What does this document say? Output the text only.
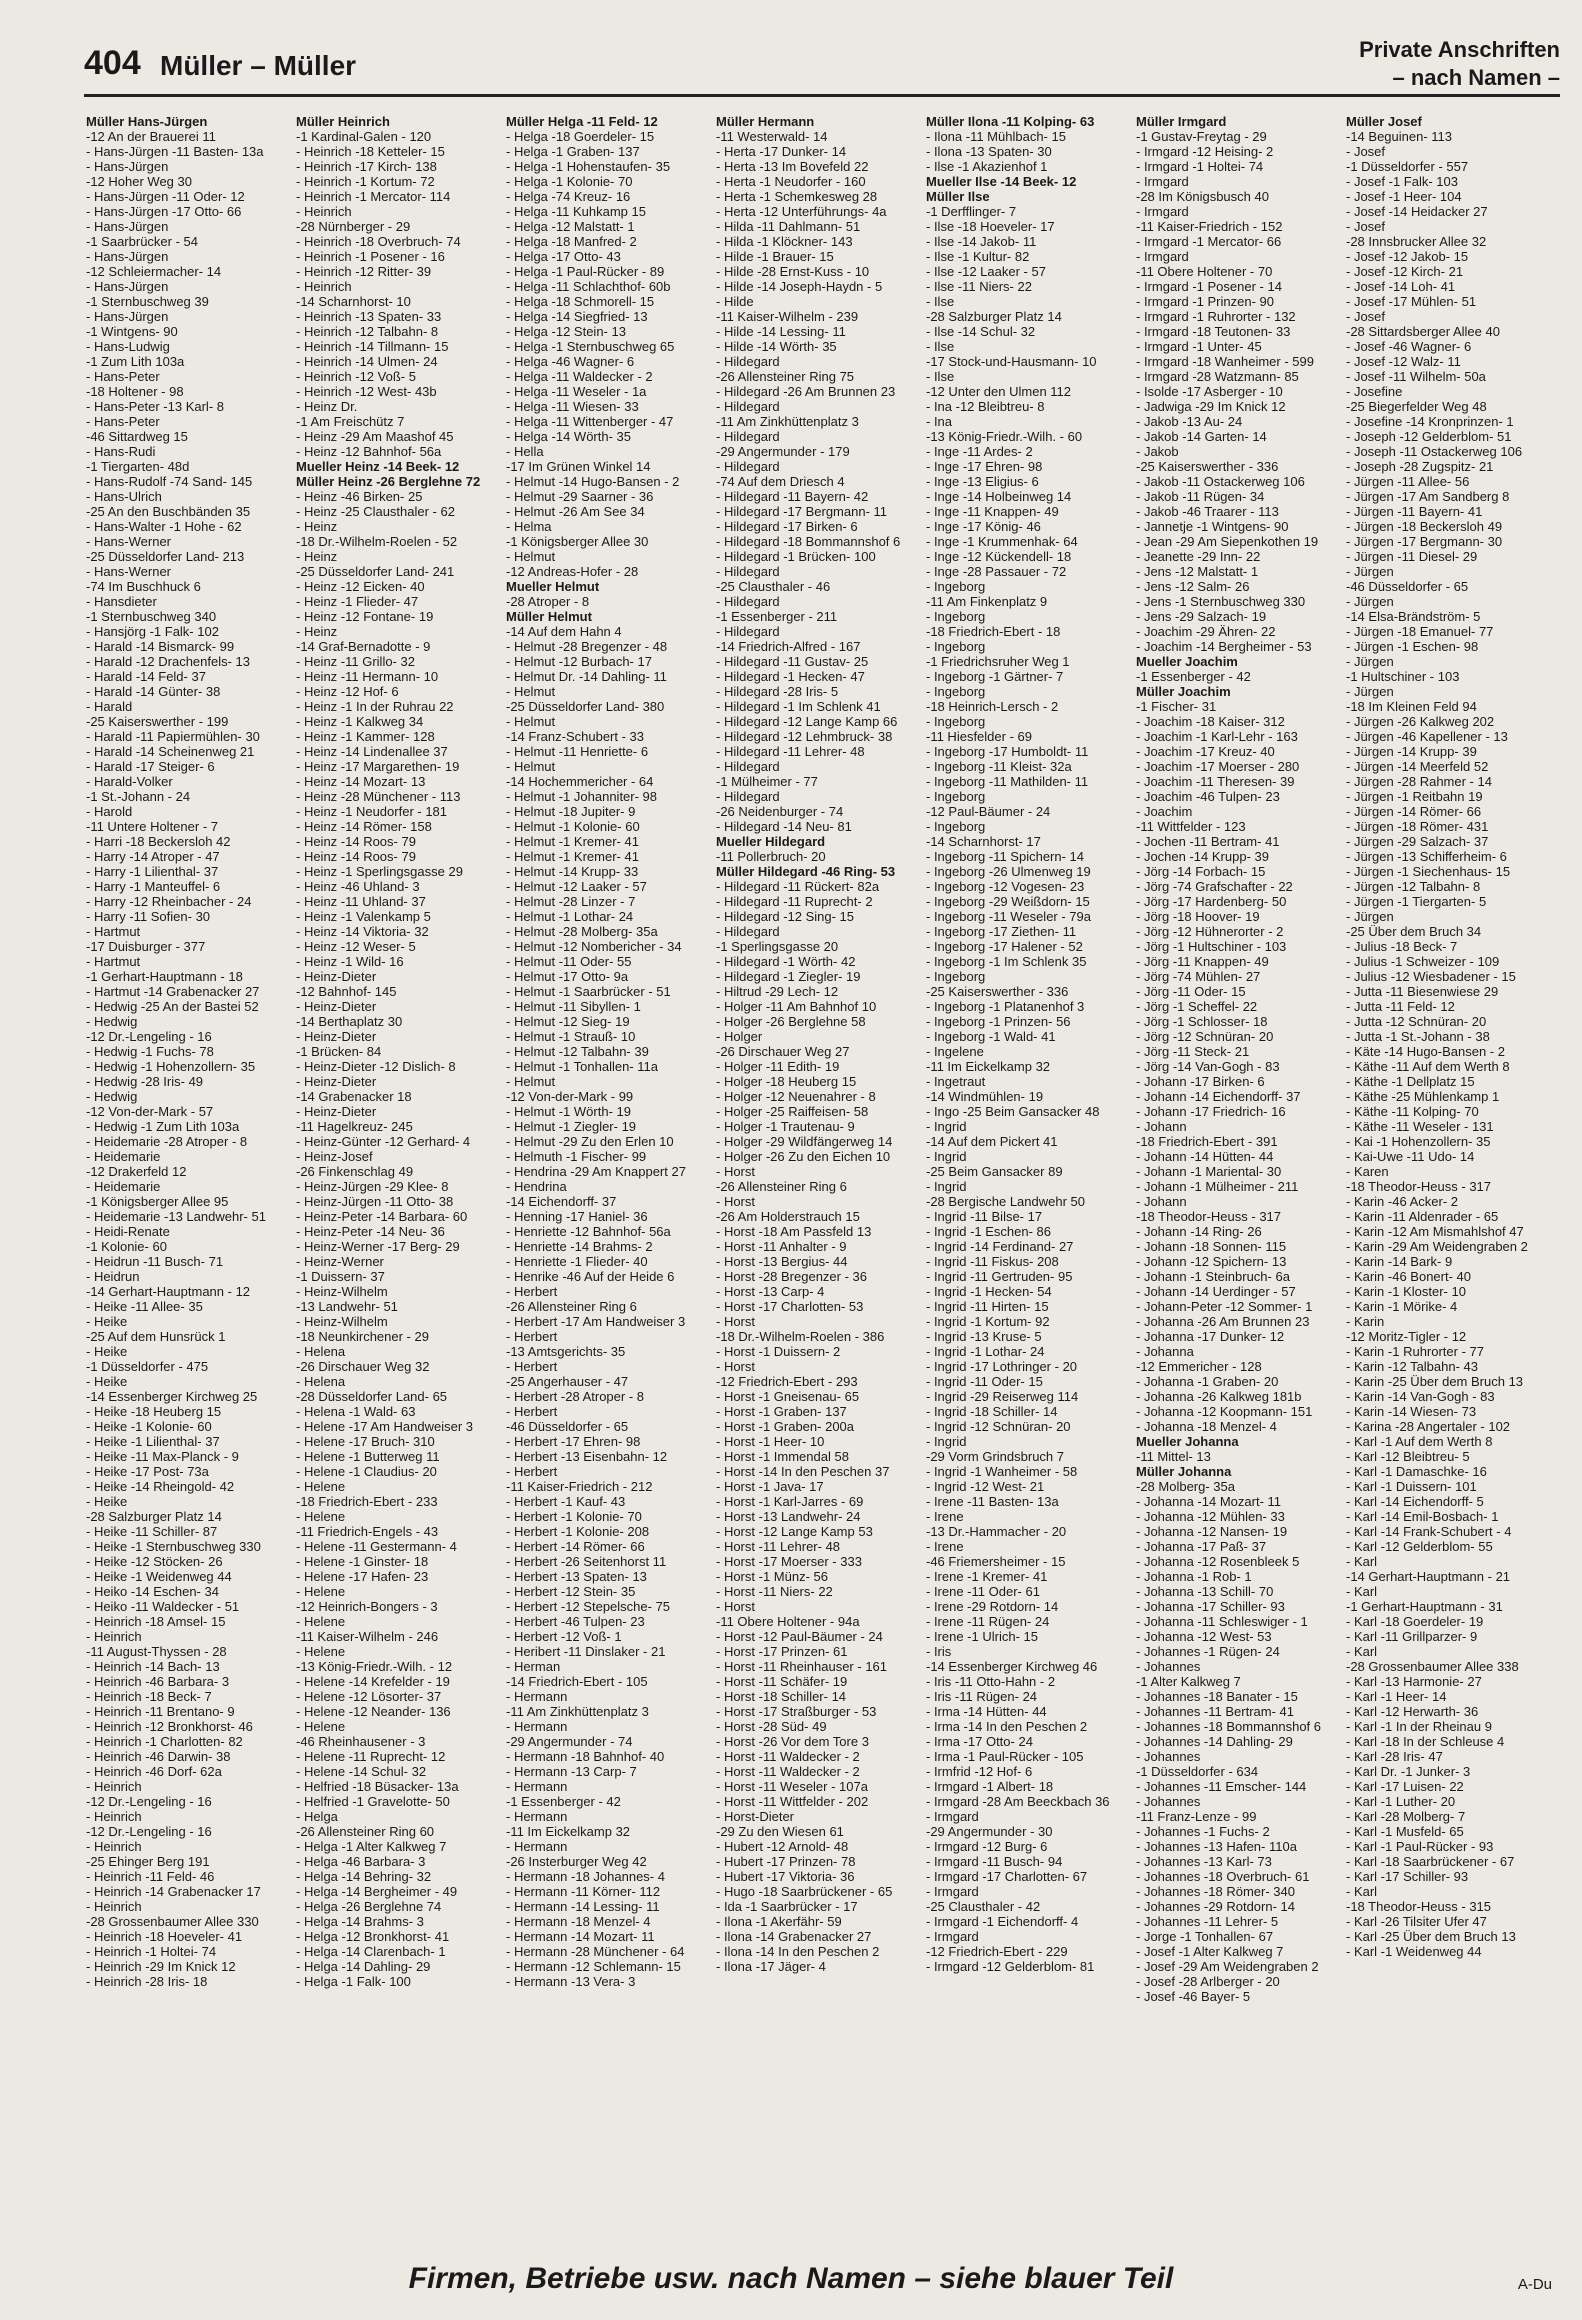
404 Müller – Müller
Private Anschriften
– nach Namen –
Müller Hans-Jürgen
-12 An der Brauerei 11
- Hans-Jürgen -11 Basten- 13a
- Hans-Jürgen
-12 Hoher Weg 30
- Hans-Jürgen -11 Oder- 12
- Hans-Jürgen -17 Otto- 66
- Hans-Jürgen
-1 Saarbrücker - 54
- Hans-Jürgen
-12 Schleiermacher- 14
- Hans-Jürgen
-1 Sternbuschweg 39
- Hans-Jürgen
-1 Wintgens- 90
- Hans-Ludwig
-1 Zum Lith 103a
- Hans-Peter
-18 Holtener - 98
- Hans-Peter -13 Karl- 8
- Hans-Peter
-46 Sittardweg 15
- Hans-Rudi
-1 Tiergarten- 48d
- Hans-Rudolf -74 Sand- 145
- Hans-Ulrich
-25 An den Buschbänden 35
- Hans-Walter -1 Hohe - 62
- Hans-Werner
-25 Düsseldorfer Land- 213
- Hans-Werner
-74 Im Buschhuck 6
- Hansdieter
-1 Sternbuschweg 340
- Hansjörg -1 Falk- 102
- Harald -14 Bismarck- 99
- Harald -12 Drachenfels- 13
- Harald -14 Feld- 37
- Harald -14 Günter- 38
- Harald
-25 Kaiserswerther - 199
- Harald -11 Papiermühlen- 30
- Harald -14 Scheinenweg 21
- Harald -17 Steiger- 6
- Harald-Volker
-1 St.-Johann - 24
- Harold
-11 Untere Holtener - 7
- Harri -18 Beckersloh 42
- Harry -14 Atroper - 47
- Harry -1 Lilienthal- 37
- Harry -1 Manteuffel- 6
- Harry -12 Rheinbacher - 24
- Harry -11 Sofien- 30
- Hartmut
-17 Duisburger - 377
- Hartmut
-1 Gerhart-Hauptmann - 18
- Hartmut -14 Grabenacker 27
- Hedwig -25 An der Bastei 52
- Hedwig
-12 Dr.-Lengeling - 16
- Hedwig -1 Fuchs- 78
- Hedwig -1 Hohenzollern- 35
- Hedwig -28 Iris- 49
- Hedwig
-12 Von-der-Mark - 57
- Hedwig -1 Zum Lith 103a
- Heidemarie -28 Atroper - 8
- Heidemarie
-12 Drakerfeld 12
- Heidemarie
-1 Königsberger Allee 95
- Heidemarie -13 Landwehr- 51
- Heidi-Renate
-1 Kolonie- 60
- Heidrun -11 Busch- 71
- Heidrun
-14 Gerhart-Hauptmann - 12
- Heike -11 Allee- 35
- Heike
-25 Auf dem Hunsrück 1
- Heike
-1 Düsseldorfer - 475
- Heike
-14 Essenberger Kirchweg 25
- Heike -18 Heuberg 15
- Heike -1 Kolonie- 60
- Heike -1 Lilienthal- 37
- Heike -11 Max-Planck - 9
- Heike -17 Post- 73a
- Heike -14 Rheingold- 42
- Heike
-28 Salzburger Platz 14
- Heike -11 Schiller- 87
- Heike -1 Sternbuschweg 330
- Heike -12 Stöcken- 26
- Heike -1 Weidenweg 44
- Heiko -14 Eschen- 34
- Heiko -11 Waldecker - 51
- Heinrich -18 Amsel- 15
- Heinrich
-11 August-Thyssen - 28
- Heinrich -14 Bach- 13
- Heinrich -46 Barbara- 3
- Heinrich -18 Beck- 7
- Heinrich -11 Brentano- 9
- Heinrich -12 Bronkhorst- 46
- Heinrich -1 Charlotten- 82
- Heinrich -46 Darwin- 38
- Heinrich -46 Dorf- 62a
- Heinrich
-12 Dr.-Lengeling - 16
- Heinrich
-12 Dr.-Lengeling - 16
- Heinrich
-25 Ehinger Berg 191
- Heinrich -11 Feld- 46
- Heinrich -14 Grabenacker 17
- Heinrich
-28 Grossenbaumer Allee 330
- Heinrich -18 Hoeveler- 41
- Heinrich -1 Holtei- 74
- Heinrich -29 Im Knick 12
- Heinrich -28 Iris- 18
Müller Heinrich
-1 Kardinal-Galen - 120
- Heinrich -18 Ketteler- 15
- Heinrich -17 Kirch- 138
- Heinrich -1 Kortum- 72
- Heinrich -1 Mercator- 114
- Heinrich
-28 Nürnberger - 29
- Heinrich -18 Overbruch- 74
- Heinrich -1 Posener - 16
- Heinrich -12 Ritter- 39
- Heinrich
-14 Scharnhorst- 10
- Heinrich -13 Spaten- 33
- Heinrich -12 Talbahn- 8
- Heinrich -14 Tillmann- 15
- Heinrich -14 Ulmen- 24
- Heinrich -12 Voß- 5
- Heinrich -12 West- 43b
- Heinz Dr.
-1 Am Freischütz 7
- Heinz -29 Am Maashof 45
- Heinz -12 Bahnhof- 56a
Mueller Heinz -14 Beek- 12
Müller Heinz -26 Berglehne 72
- Heinz -46 Birken- 25
- Heinz -25 Clausthaler - 62
- Heinz
-18 Dr.-Wilhelm-Roelen - 52
- Heinz
-25 Düsseldorfer Land- 241
- Heinz -12 Eicken- 40
- Heinz -1 Flieder- 47
- Heinz -12 Fontane- 19
- Heinz
-14 Graf-Bernadotte - 9
- Heinz -11 Grillo- 32
- Heinz -11 Hermann- 10
- Heinz -12 Hof- 6
- Heinz -1 In der Ruhrau 22
- Heinz -1 Kalkweg 34
- Heinz -1 Kammer- 128
- Heinz -14 Lindenallee 37
- Heinz -17 Margarethen- 19
- Heinz -14 Mozart- 13
- Heinz -28 Münchener - 113
- Heinz -1 Neudorfer - 181
- Heinz -14 Römer- 158
- Heinz -14 Roos- 79
- Heinz -14 Roos- 79
- Heinz -1 Sperlingsgasse 29
- Heinz -46 Uhland- 3
- Heinz -11 Uhland- 37
- Heinz -1 Valenkamp 5
- Heinz -14 Viktoria- 32
- Heinz -12 Weser- 5
- Heinz -1 Wild- 16
- Heinz-Dieter
-12 Bahnhof- 145
- Heinz-Dieter
-14 Berthaplatz 30
- Heinz-Dieter
-1 Brücken- 84
- Heinz-Dieter -12 Dislich- 8
- Heinz-Dieter
-14 Grabenacker 18
- Heinz-Dieter
-11 Hagelkreuz- 245
- Heinz-Günter -12 Gerhard- 4
- Heinz-Josef
-26 Finkenschlag 49
- Heinz-Jürgen -29 Klee- 8
- Heinz-Jürgen -11 Otto- 38
- Heinz-Peter -14 Barbara- 60
- Heinz-Peter -14 Neu- 36
- Heinz-Werner -17 Berg- 29
- Heinz-Werner
-1 Duissern- 37
- Heinz-Wilhelm
-13 Landwehr- 51
- Heinz-Wilhelm
-18 Neunkirchener - 29
- Helena
-26 Dirschauer Weg 32
- Helena
-28 Düsseldorfer Land- 65
- Helena -1 Wald- 63
- Helene -17 Am Handweiser 3
- Helene -17 Bruch- 310
- Helene -1 Butterweg 11
- Helene -1 Claudius- 20
- Helene
-18 Friedrich-Ebert - 233
- Helene
-11 Friedrich-Engels - 43
- Helene -11 Gestermann- 4
- Helene -1 Ginster- 18
- Helene -17 Hafen- 23
- Helene
-12 Heinrich-Bongers - 3
- Helene
-11 Kaiser-Wilhelm - 246
- Helene
-13 König-Friedr.-Wilh. - 12
- Helene -14 Krefelder - 19
- Helene -12 Lösorter- 37
- Helene -12 Neander- 136
- Helene
-46 Rheinhausener - 3
- Helene -11 Ruprecht- 12
- Helene -14 Schul- 32
- Helfried -18 Büsacker- 13a
- Helfried -1 Gravelotte- 50
- Helga
-26 Allensteiner Ring 60
- Helga -1 Alter Kalkweg 7
- Helga -46 Barbara- 3
- Helga -14 Behring- 32
- Helga -14 Bergheimer - 49
- Helga -26 Berglehne 74
- Helga -14 Brahms- 3
- Helga -12 Bronkhorst- 41
- Helga -14 Clarenbach- 1
- Helga -14 Dahling- 29
- Helga -1 Falk- 100
Müller Helga -11 Feld- 12
- Helga -18 Goerdeler- 15
- Helga -1 Graben- 137
- Helga -1 Hohenstaufen- 35
- Helga -1 Kolonie- 70
- Helga -74 Kreuz- 16
- Helga -11 Kuhkamp 15
- Helga -12 Malstatt- 1
- Helga -18 Manfred- 2
- Helga -17 Otto- 43
- Helga -1 Paul-Rücker - 89
- Helga -11 Schlachthof- 60b
- Helga -18 Schmorell- 15
- Helga -14 Siegfried- 13
- Helga -12 Stein- 13
- Helga -1 Sternbuschweg 65
- Helga -46 Wagner- 6
- Helga -11 Waldecker - 2
- Helga -11 Weseler - 1a
- Helga -11 Wiesen- 33
- Helga -11 Wittenberger - 47
- Helga -14 Wörth- 35
- Hella
-17 Im Grünen Winkel 14
- Helmut -14 Hugo-Bansen - 2
- Helmut -29 Saarner - 36
- Helmut -26 Am See 34
- Helma
-1 Königsberger Allee 30
- Helmut
-12 Andreas-Hofer - 28
Mueller Helmut
-28 Atroper - 8
Müller Helmut
-14 Auf dem Hahn 4
- Helmut -28 Bregenzer - 48
- Helmut -12 Burbach- 17
- Helmut Dr. -14 Dahling- 11
- Helmut
-25 Düsseldorfer Land- 380
- Helmut
-14 Franz-Schubert - 33
- Helmut -11 Henriette- 6
- Helmut
-14 Hochemmericher - 64
- Helmut -1 Johanniter- 98
- Helmut -18 Jupiter- 9
- Helmut -1 Kolonie- 60
- Helmut -1 Kremer- 41
- Helmut -1 Kremer- 41
- Helmut -14 Krupp- 33
- Helmut -12 Laaker - 57
- Helmut -28 Linzer - 7
- Helmut -1 Lothar- 24
- Helmut -28 Molberg- 35a
- Helmut -12 Nombericher - 34
- Helmut -11 Oder- 55
- Helmut -17 Otto- 9a
- Helmut -1 Saarbrücker - 51
- Helmut -11 Sibyllen- 1
- Helmut -12 Sieg- 19
- Helmut -1 Strauß- 10
- Helmut -12 Talbahn- 39
- Helmut -1 Tonhallen- 11a
- Helmut
-12 Von-der-Mark - 99
- Helmut -1 Wörth- 19
- Helmut -1 Ziegler- 19
- Helmut -29 Zu den Erlen 10
- Helmuth -1 Fischer- 99
- Hendrina -29 Am Knappert 27
- Hendrina
-14 Eichendorff- 37
- Henning -17 Haniel- 36
- Henriette -12 Bahnhof- 56a
- Henriette -14 Brahms- 2
- Henriette -1 Flieder- 40
- Henrike -46 Auf der Heide 6
- Herbert
-26 Allensteiner Ring 6
- Herbert -17 Am Handweiser 3
- Herbert
-13 Amtsgerichts- 35
- Herbert
-25 Angerhauser - 47
- Herbert -28 Atroper - 8
- Herbert
-46 Düsseldorfer - 65
- Herbert -17 Ehren- 98
- Herbert -13 Eisenbahn- 12
- Herbert
-11 Kaiser-Friedrich - 212
- Herbert -1 Kauf- 43
- Herbert -1 Kolonie- 70
- Herbert -1 Kolonie- 208
- Herbert -14 Römer- 66
- Herbert -26 Seitenhorst 11
- Herbert -13 Spaten- 13
- Herbert -12 Stein- 35
- Herbert -12 Stepelsche- 75
- Herbert -46 Tulpen- 23
- Herbert -12 Voß- 1
- Heribert -11 Dinslaker - 21
- Herman
-14 Friedrich-Ebert - 105
- Hermann
-11 Am Zinkhüttenplatz 3
- Hermann
-29 Angermunder - 74
- Hermann -18 Bahnhof- 40
- Hermann -13 Carp- 7
- Hermann
-1 Essenberger - 42
- Hermann
-11 Im Eickelkamp 32
- Hermann
-26 Insterburger Weg 42
- Hermann -18 Johannes- 4
- Hermann -11 Körner- 112
- Hermann -14 Lessing- 11
- Hermann -18 Menzel- 4
- Hermann -14 Mozart- 11
- Hermann -28 Münchener - 64
- Hermann -12 Schlemann- 15
- Hermann -13 Vera- 3
Müller Hermann
-11 Westerwald- 14
- Herta -17 Dunker- 14
- Herta -13 Im Bovefeld 22
- Herta -1 Neudorfer - 160
- Herta -1 Schemkesweg 28
- Herta -12 Unterführungs- 4a
- Hilda -11 Dahlmann- 51
- Hilda -1 Klöckner- 143
- Hilde -1 Brauer- 15
- Hilde -28 Ernst-Kuss - 10
- Hilde -14 Joseph-Haydn - 5
- Hilde
-11 Kaiser-Wilhelm - 239
- Hilde -14 Lessing- 11
- Hilde -14 Wörth- 35
- Hildegard
-26 Allensteiner Ring 75
- Hildegard -26 Am Brunnen 23
- Hildegard
-11 Am Zinkhüttenplatz 3
- Hildegard
-29 Angermunder - 179
- Hildegard
-74 Auf dem Driesch 4
- Hildegard -11 Bayern- 42
- Hildegard -17 Bergmann- 11
- Hildegard -17 Birken- 6
- Hildegard -18 Bommannshof 6
- Hildegard -1 Brücken- 100
- Hildegard
-25 Clausthaler - 46
- Hildegard
-1 Essenberger - 211
- Hildegard
-14 Friedrich-Alfred - 167
- Hildegard -11 Gustav- 25
- Hildegard -1 Hecken- 47
- Hildegard -28 Iris- 5
- Hildegard -1 Im Schlenk 41
- Hildegard -12 Lange Kamp 66
- Hildegard -12 Lehmbruck- 38
- Hildegard -11 Lehrer- 48
- Hildegard
-1 Mülheimer - 77
- Hildegard
-26 Neidenburger - 74
- Hildegard -14 Neu- 81
Mueller Hildegard
-11 Pollerbruch- 20
Müller Hildegard -46 Ring- 53
- Hildegard -11 Rückert- 82a
- Hildegard -11 Ruprecht- 2
- Hildegard -12 Sing- 15
- Hildegard
-1 Sperlingsgasse 20
- Hildegard -1 Wörth- 42
- Hildegard -1 Ziegler- 19
- Hiltrud -29 Lech- 12
- Holger -11 Am Bahnhof 10
- Holger -26 Berglehne 58
- Holger
-26 Dirschauer Weg 27
- Holger -11 Edith- 19
- Holger -18 Heuberg 15
- Holger -12 Neuenahrer - 8
- Holger -25 Raiffeisen- 58
- Holger -1 Trautenau- 9
- Holger -29 Wildfängerweg 14
- Holger -26 Zu den Eichen 10
- Horst
-26 Allensteiner Ring 6
- Horst
-26 Am Holderstrauch 15
- Horst -18 Am Passfeld 13
- Horst -11 Anhalter - 9
- Horst -13 Bergius- 44
- Horst -28 Bregenzer - 36
- Horst -13 Carp- 4
- Horst -17 Charlotten- 53
- Horst
-18 Dr.-Wilhelm-Roelen - 386
- Horst -1 Duissern- 2
- Horst
-12 Friedrich-Ebert - 293
- Horst -1 Gneisenau- 65
- Horst -1 Graben- 137
- Horst -1 Graben- 200a
- Horst -1 Heer- 10
- Horst -1 Immendal 58
- Horst -14 In den Peschen 37
- Horst -1 Java- 17
- Horst -1 Karl-Jarres - 69
- Horst -13 Landwehr- 24
- Horst -12 Lange Kamp 53
- Horst -11 Lehrer- 48
- Horst -17 Moerser - 333
- Horst -1 Münz- 56
- Horst -11 Niers- 22
- Horst
-11 Obere Holtener - 94a
- Horst -12 Paul-Bäumer - 24
- Horst -17 Prinzen- 61
- Horst -11 Rheinhauser - 161
- Horst -11 Schäfer- 19
- Horst -18 Schiller- 14
- Horst -17 Straßburger - 53
- Horst -28 Süd- 49
- Horst -26 Vor dem Tore 3
- Horst -11 Waldecker - 2
- Horst -11 Waldecker - 2
- Horst -11 Weseler - 107a
- Horst -11 Wittfelder - 202
- Horst-Dieter
-29 Zu den Wiesen 61
- Hubert -12 Arnold- 48
- Hubert -17 Prinzen- 78
- Hubert -17 Viktoria- 36
- Hugo -18 Saarbrückener - 65
- Ida -1 Saarbrücker - 17
- Ilona -1 Akerfähr- 59
- Ilona -14 Grabenacker 27
- Ilona -14 In den Peschen 2
- Ilona -17 Jäger- 4
Müller Ilona -11 Kolping- 63
- Ilona -11 Mühlbach- 15
- Ilona -13 Spaten- 30
- Ilse -1 Akazienhof 1
Mueller Ilse -14 Beek- 12
Müller Ilse
-1 Derfflinger- 7
- Ilse -18 Hoeveler- 17
- Ilse -14 Jakob- 11
- Ilse -1 Kultur- 82
- Ilse -12 Laaker - 57
- Ilse -11 Niers- 22
- Ilse
-28 Salzburger Platz 14
- Ilse -14 Schul- 32
- Ilse
-17 Stock-und-Hausmann- 10
- Ilse
-12 Unter den Ulmen 112
- Ina -12 Bleibtreu- 8
- Ina
-13 König-Friedr.-Wilh. - 60
- Inge -11 Ardes- 2
- Inge -17 Ehren- 98
- Inge -13 Eligius- 6
- Inge -14 Holbeinweg 14
- Inge -11 Knappen- 49
- Inge -17 König- 46
- Inge -1 Krummenhak- 64
- Inge -12 Kückendell- 18
- Inge -28 Passauer - 72
- Ingeborg
-11 Am Finkenplatz 9
- Ingeborg
-18 Friedrich-Ebert - 18
- Ingeborg
-1 Friedrichsruher Weg 1
- Ingeborg -1 Gärtner- 7
- Ingeborg
-18 Heinrich-Lersch - 2
- Ingeborg
-11 Hiesfelder - 69
- Ingeborg -17 Humboldt- 11
- Ingeborg -11 Kleist- 32a
- Ingeborg -11 Mathilden- 11
- Ingeborg
-12 Paul-Bäumer - 24
- Ingeborg
-14 Scharnhorst- 17
- Ingeborg -11 Spichern- 14
- Ingeborg -26 Ulmenweg 19
- Ingeborg -12 Vogesen- 23
- Ingeborg -29 Weißdorn- 15
- Ingeborg -11 Weseler - 79a
- Ingeborg -17 Ziethen- 11
- Ingeborg -17 Halener - 52
- Ingeborg -1 Im Schlenk 35
- Ingeborg
-25 Kaiserswerther - 336
- Ingeborg -1 Platanenhof 3
- Ingeborg -1 Prinzen- 56
- Ingeborg -1 Wald- 41
- Ingelene
-11 Im Eickelkamp 32
- Ingetraut
-14 Windmühlen- 19
- Ingo -25 Beim Gansacker 48
- Ingrid
-14 Auf dem Pickert 41
- Ingrid
-25 Beim Gansacker 89
- Ingrid
-28 Bergische Landwehr 50
- Ingrid -11 Bilse- 17
- Ingrid -1 Eschen- 86
- Ingrid -14 Ferdinand- 27
- Ingrid -11 Fiskus- 208
- Ingrid -11 Gertruden- 95
- Ingrid -1 Hecken- 54
- Ingrid -11 Hirten- 15
- Ingrid -1 Kortum- 92
- Ingrid -13 Kruse- 5
- Ingrid -1 Lothar- 24
- Ingrid -17 Lothringer - 20
- Ingrid -11 Oder- 15
- Ingrid -29 Reiserweg 114
- Ingrid -18 Schiller- 14
- Ingrid -12 Schnüran- 20
- Ingrid
-29 Vorm Grindsbruch 7
- Ingrid -1 Wanheimer - 58
- Ingrid -12 West- 21
- Irene -11 Basten- 13a
- Irene
-13 Dr.-Hammacher - 20
- Irene
-46 Friemersheimer - 15
- Irene -1 Kremer- 41
- Irene -11 Oder- 61
- Irene -29 Rotdorn- 14
- Irene -11 Rügen- 24
- Irene -1 Ulrich- 15
- Iris
-14 Essenberger Kirchweg 46
- Iris -11 Otto-Hahn - 2
- Iris -11 Rügen- 24
- Irma -14 Hütten- 44
- Irma -14 In den Peschen 2
- Irma -17 Otto- 24
- Irma -1 Paul-Rücker - 105
- Irmfrid -12 Hof- 6
- Irmgard -1 Albert- 18
- Irmgard -28 Am Beeckbach 36
- Irmgard
-29 Angermunder - 30
- Irmgard -12 Burg- 6
- Irmgard -11 Busch- 94
- Irmgard -17 Charlotten- 67
- Irmgard
-25 Clausthaler - 42
- Irmgard -1 Eichendorff- 4
- Irmgard
-12 Friedrich-Ebert - 229
- Irmgard -12 Gelderblom- 81
Müller Irmgard
-1 Gustav-Freytag - 29
- Irmgard -12 Heising- 2
- Irmgard -1 Holtei- 74
- Irmgard
-28 Im Königsbusch 40
- Irmgard
-11 Kaiser-Friedrich - 152
- Irmgard -1 Mercator- 66
- Irmgard
-11 Obere Holtener - 70
- Irmgard -1 Posener - 14
- Irmgard -1 Prinzen- 90
- Irmgard -1 Ruhrorter - 132
- Irmgard -18 Teutonen- 33
- Irmgard -1 Unter- 45
- Irmgard -18 Wanheimer - 599
- Irmgard -28 Watzmann- 85
- Isolde -17 Asberger - 10
- Jadwiga -29 Im Knick 12
- Jakob -13 Au- 24
- Jakob -14 Garten- 14
- Jakob
-25 Kaiserswerther - 336
- Jakob -11 Ostackerweg 106
- Jakob -11 Rügen- 34
- Jakob -46 Traarer - 113
- Jannetje -1 Wintgens- 90
- Jean -29 Am Siepenkothen 19
- Jeanette -29 Inn- 22
- Jens -12 Malstatt- 1
- Jens -12 Salm- 26
- Jens -1 Sternbuschweg 330
- Jens -29 Salzach- 19
- Joachim -29 Ähren- 22
- Joachim -14 Bergheimer - 53
Mueller Joachim
-1 Essenberger - 42
Müller Joachim
-1 Fischer- 31
- Joachim -18 Kaiser- 312
- Joachim -1 Karl-Lehr - 163
- Joachim -17 Kreuz- 40
- Joachim -17 Moerser - 280
- Joachim -11 Theresen- 39
- Joachim -46 Tulpen- 23
- Joachim
-11 Wittfelder - 123
- Jochen -11 Bertram- 41
- Jochen -14 Krupp- 39
- Jörg -14 Forbach- 15
- Jörg -74 Grafschafter - 22
- Jörg -17 Hardenberg- 50
- Jörg -18 Hoover- 19
- Jörg -12 Hühnerorter - 2
- Jörg -1 Hultschiner - 103
- Jörg -11 Knappen- 49
- Jörg -74 Mühlen- 27
- Jörg -11 Oder- 15
- Jörg -1 Scheffel- 22
- Jörg -1 Schlosser- 18
- Jörg -12 Schnüran- 20
- Jörg -11 Steck- 21
- Jörg -14 Van-Gogh - 83
- Johann -17 Birken- 6
- Johann -14 Eichendorff- 37
- Johann -17 Friedrich- 16
- Johann
-18 Friedrich-Ebert - 391
- Johann -14 Hütten- 44
- Johann -1 Mariental- 30
- Johann -1 Mülheimer - 211
- Johann
-18 Theodor-Heuss - 317
- Johann -14 Ring- 26
- Johann -18 Sonnen- 115
- Johann -12 Spichern- 13
- Johann -1 Steinbruch- 6a
- Johann -14 Uerdinger - 57
- Johann-Peter -12 Sommer- 1
- Johanna -26 Am Brunnen 23
- Johanna -17 Dunker- 12
- Johanna
-12 Emmericher - 128
- Johanna -1 Graben- 20
- Johanna -26 Kalkweg 181b
- Johanna -12 Koopmann- 151
- Johanna -18 Menzel- 4
Mueller Johanna
-11 Mittel- 13
Müller Johanna
-28 Molberg- 35a
- Johanna -14 Mozart- 11
- Johanna -12 Mühlen- 33
- Johanna -12 Nansen- 19
- Johanna -17 Paß- 37
- Johanna -12 Rosenbleek 5
- Johanna -1 Rob- 1
- Johanna -13 Schill- 70
- Johanna -17 Schiller- 93
- Johanna -11 Schleswiger - 1
- Johanna -12 West- 53
- Johannes -1 Rügen- 24
- Johannes
-1 Alter Kalkweg 7
- Johannes -18 Banater - 15
- Johannes -11 Bertram- 41
- Johannes -18 Bommannshof 6
- Johannes -14 Dahling- 29
- Johannes
-1 Düsseldorfer - 634
- Johannes -11 Emscher- 144
- Johannes
-11 Franz-Lenze - 99
- Johannes -1 Fuchs- 2
- Johannes -13 Hafen- 110a
- Johannes -13 Karl- 73
- Johannes -18 Overbruch- 61
- Johannes -18 Römer- 340
- Johannes -29 Rotdorn- 14
- Johannes -11 Lehrer- 5
- Jorge -1 Tonhallen- 67
- Josef -1 Alter Kalkweg 7
- Josef -29 Am Weidengraben 2
- Josef -28 Arlberger - 20
- Josef -46 Bayer- 5
Müller Josef
-14 Beguinen- 113
- Josef
-1 Düsseldorfer - 557
- Josef -1 Falk- 103
- Josef -1 Heer- 104
- Josef -14 Heidacker 27
- Josef
-28 Innsbrucker Allee 32
- Josef -12 Jakob- 15
- Josef -12 Kirch- 21
- Josef -14 Loh- 41
- Josef -17 Mühlen- 51
- Josef
-28 Sittardsberger Allee 40
- Josef -46 Wagner- 6
- Josef -12 Walz- 11
- Josef -11 Wilhelm- 50a
- Josefine
-25 Biegerfelder Weg 48
- Josefine -14 Kronprinzen- 1
- Joseph -12 Gelderblom- 51
- Joseph -11 Ostackerweg 106
- Joseph -28 Zugspitz- 21
- Jürgen -11 Allee- 56
- Jürgen -17 Am Sandberg 8
- Jürgen -11 Bayern- 41
- Jürgen -18 Beckersloh 49
- Jürgen -17 Bergmann- 30
- Jürgen -11 Diesel- 29
- Jürgen
-46 Düsseldorfer - 65
- Jürgen
-14 Elsa-Brändström- 5
- Jürgen -18 Emanuel- 77
- Jürgen -1 Eschen- 98
- Jürgen
-1 Hultschiner - 103
- Jürgen
-18 Im Kleinen Feld 94
- Jürgen -26 Kalkweg 202
- Jürgen -46 Kapellener - 13
- Jürgen -14 Krupp- 39
- Jürgen -14 Meerfeld 52
- Jürgen -28 Rahmer - 14
- Jürgen -1 Reitbahn 19
- Jürgen -14 Römer- 66
- Jürgen -18 Römer- 431
- Jürgen -29 Salzach- 37
- Jürgen -13 Schifferheim- 6
- Jürgen -1 Siechenhaus- 15
- Jürgen -12 Talbahn- 8
- Jürgen -1 Tiergarten- 5
- Jürgen
-25 Über dem Bruch 34
- Julius -18 Beck- 7
- Julius -1 Schweizer - 109
- Julius -12 Wiesbadener - 15
- Jutta -11 Biesenwiese 29
- Jutta -11 Feld- 12
- Jutta -12 Schnüran- 20
- Jutta -1 St.-Johann - 38
- Käte -14 Hugo-Bansen - 2
- Käthe -11 Auf dem Werth 8
- Käthe -1 Dellplatz 15
- Käthe -25 Mühlenkamp 1
- Käthe -11 Kolping- 70
- Käthe -11 Weseler - 131
- Kai -1 Hohenzollern- 35
- Kai-Uwe -11 Udo- 14
- Karen
-18 Theodor-Heuss - 317
- Karin -46 Acker- 2
- Karin -11 Aldenrader - 65
- Karin -12 Am Mismahlshof 47
- Karin -29 Am Weidengraben 2
- Karin -14 Bark- 9
- Karin -46 Bonert- 40
- Karin -1 Kloster- 10
- Karin -1 Mörike- 4
- Karin
-12 Moritz-Tigler - 12
- Karin -1 Ruhrorter - 77
- Karin -12 Talbahn- 43
- Karin -25 Über dem Bruch 13
- Karin -14 Van-Gogh - 83
- Karin -14 Wiesen- 73
- Karina -28 Angertaler - 102
- Karl -1 Auf dem Werth 8
- Karl -12 Bleibtreu- 5
- Karl -1 Damaschke- 16
- Karl -1 Duissern- 101
- Karl -14 Eichendorff- 5
- Karl -14 Emil-Bosbach- 1
- Karl -14 Frank-Schubert - 4
- Karl -12 Gelderblom- 55
- Karl
-14 Gerhart-Hauptmann - 21
- Karl
-1 Gerhart-Hauptmann - 31
- Karl -18 Goerdeler- 19
- Karl -11 Grillparzer- 9
- Karl
-28 Grossenbaumer Allee 338
- Karl -13 Harmonie- 27
- Karl -1 Heer- 14
- Karl -12 Herwarth- 36
- Karl -1 In der Rheinau 9
- Karl -18 In der Schleuse 4
- Karl -28 Iris- 47
- Karl Dr. -1 Junker- 3
- Karl -17 Luisen- 22
- Karl -1 Luther- 20
- Karl -28 Molberg- 7
- Karl -1 Musfeld- 65
- Karl -1 Paul-Rücker - 93
- Karl -18 Saarbrückener - 67
- Karl -17 Schiller- 93
- Karl
-18 Theodor-Heuss - 315
- Karl -26 Tilsiter Ufer 47
- Karl -25 Über dem Bruch 13
- Karl -1 Weidenweg 44
Firmen, Betriebe usw. nach Namen – siehe blauer Teil	A-Du
